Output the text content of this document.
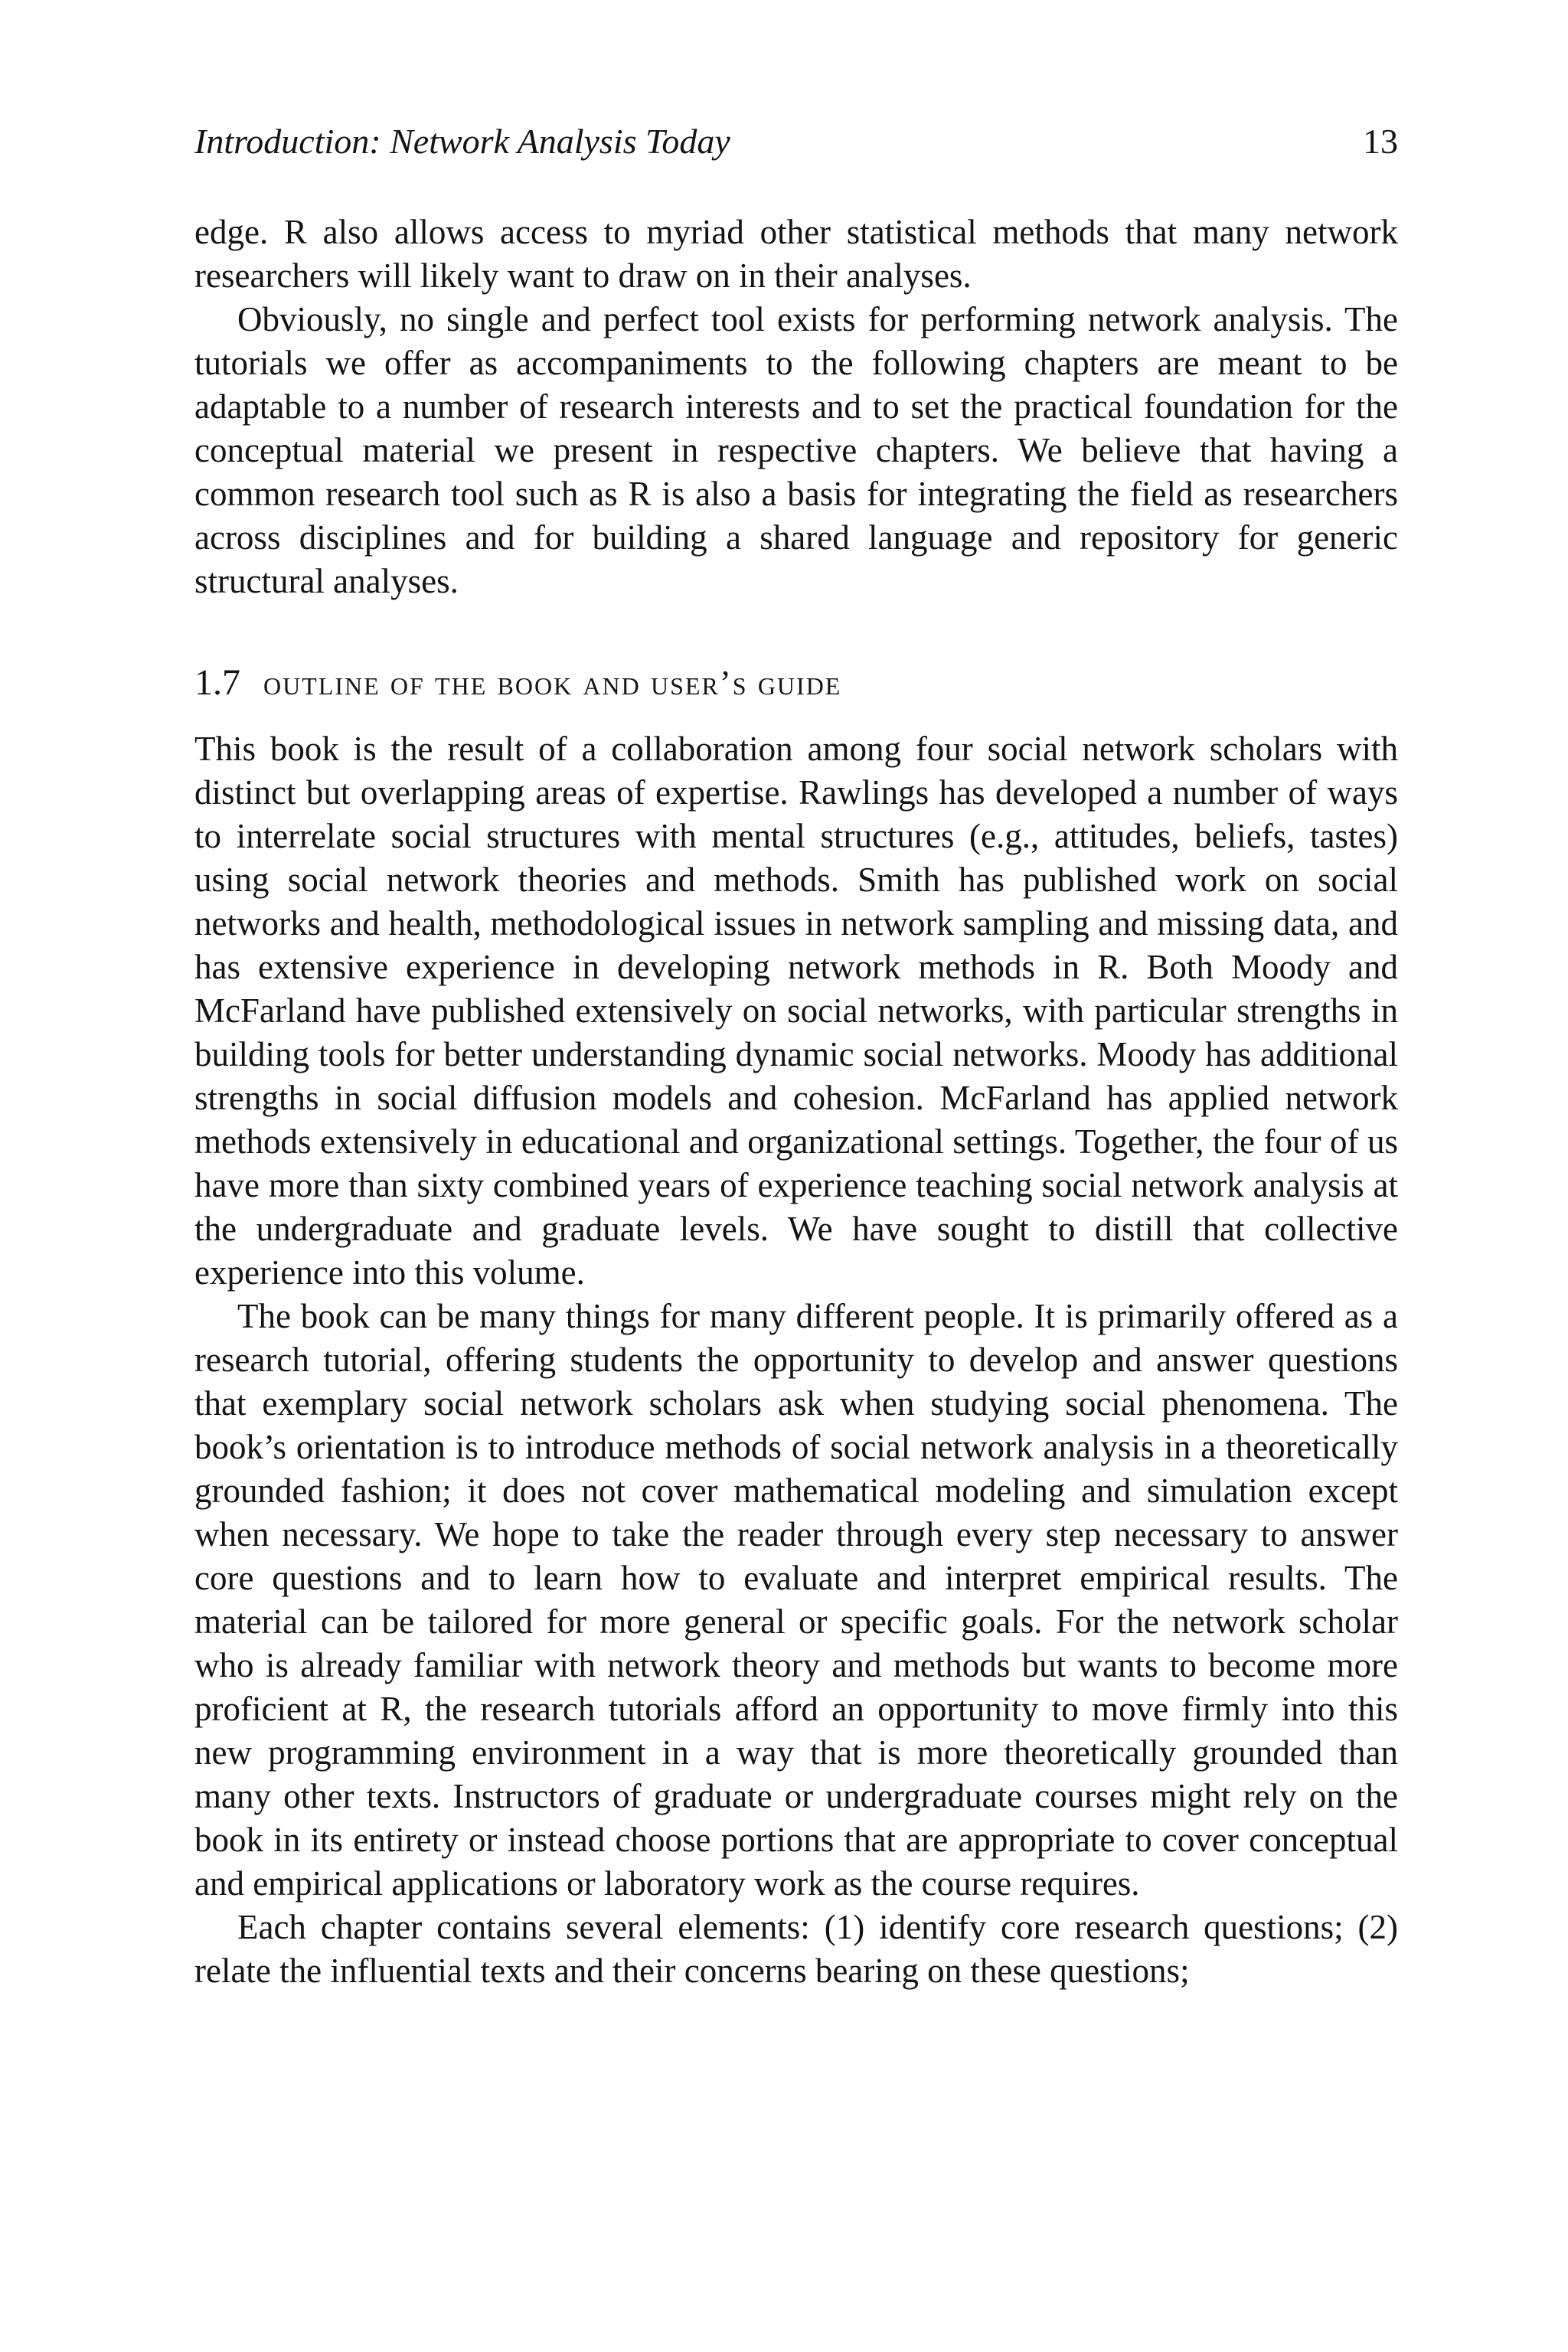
Introduction: Network Analysis Today	13

edge. R also allows access to myriad other statistical methods that many network researchers will likely want to draw on in their analyses.

Obviously, no single and perfect tool exists for performing network analysis. The tutorials we offer as accompaniments to the following chapters are meant to be adaptable to a number of research interests and to set the practical foundation for the conceptual material we present in respective chapters. We believe that having a common research tool such as R is also a basis for integrating the field as researchers across disciplines and for building a shared language and repository for generic structural analyses.

1.7 outline of the book and user’s guide

This book is the result of a collaboration among four social network scholars with distinct but overlapping areas of expertise. Rawlings has developed a number of ways to interrelate social structures with mental structures (e.g., attitudes, beliefs, tastes) using social network theories and methods. Smith has published work on social networks and health, methodological issues in network sampling and missing data, and has extensive experience in developing network methods in R. Both Moody and McFarland have published extensively on social networks, with particular strengths in building tools for better understanding dynamic social networks. Moody has additional strengths in social diffusion models and cohesion. McFarland has applied network methods extensively in educational and organizational settings. Together, the four of us have more than sixty combined years of experience teaching social network analysis at the undergraduate and graduate levels. We have sought to distill that collective experience into this volume.

The book can be many things for many different people. It is primarily offered as a research tutorial, offering students the opportunity to develop and answer questions that exemplary social network scholars ask when studying social phenomena. The book’s orientation is to introduce methods of social network analysis in a theoretically grounded fashion; it does not cover mathematical modeling and simulation except when necessary. We hope to take the reader through every step necessary to answer core questions and to learn how to evaluate and interpret empirical results. The material can be tailored for more general or specific goals. For the network scholar who is already familiar with network theory and methods but wants to become more proficient at R, the research tutorials afford an opportunity to move firmly into this new programming environment in a way that is more theoretically grounded than many other texts. Instructors of graduate or undergraduate courses might rely on the book in its entirety or instead choose portions that are appropriate to cover conceptual and empirical applications or laboratory work as the course requires.

Each chapter contains several elements: (1) identify core research questions; (2) relate the influential texts and their concerns bearing on these questions;
